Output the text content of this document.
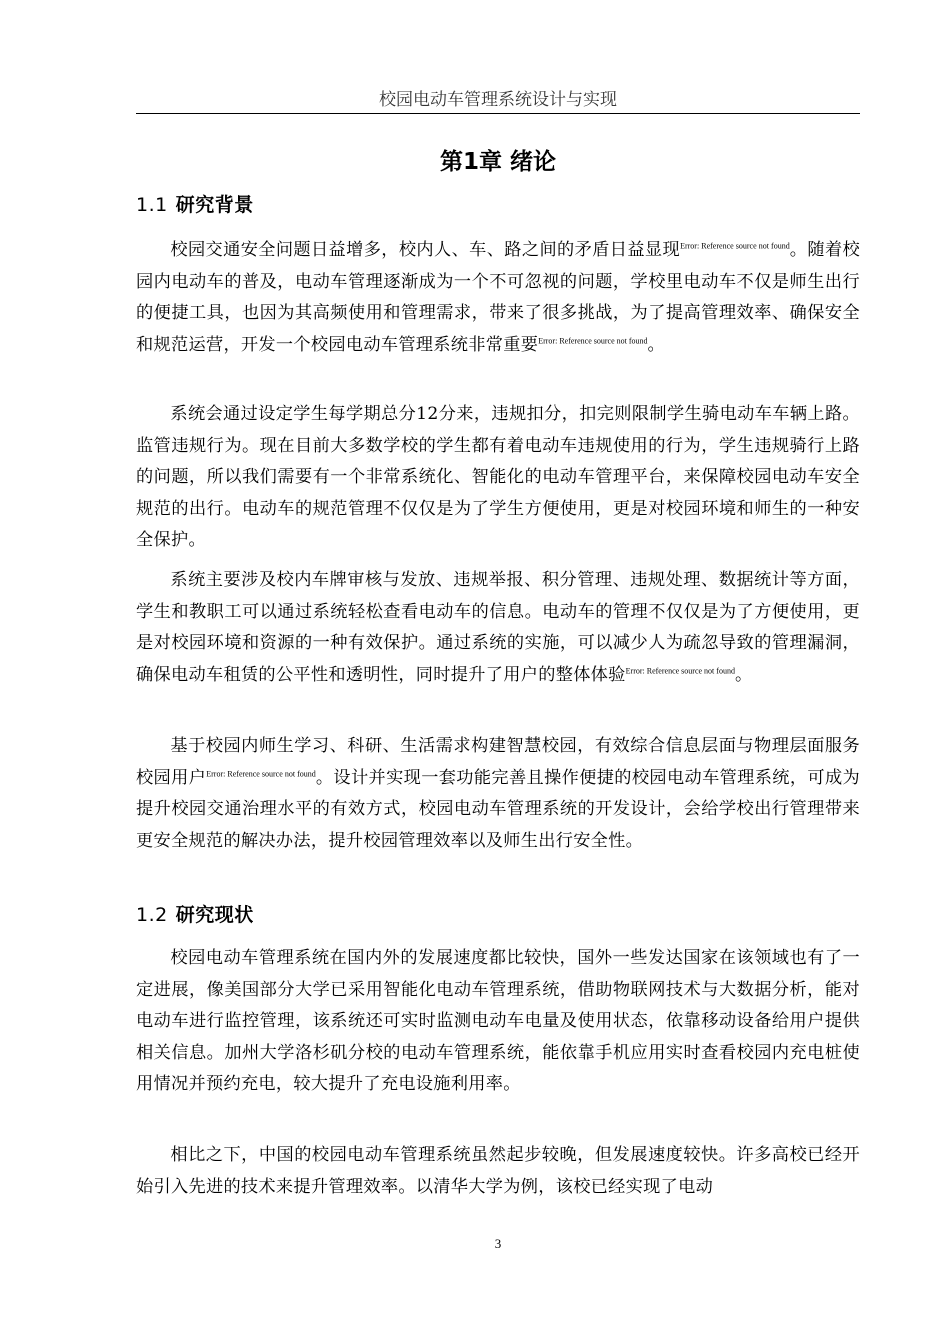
校园电动车管理系统设计与实现
第1章 绪论
1.1 研究背景

校园交通安全问题日益增多，校内人、车、路之间的矛盾日益显现$^{Error: Reference source not found}$。随着校园内电动车的普及，电动车管理逐渐成为一个不可忽视的问题，学校里电动车不仅是师生出行的便捷工具，也因为其高频使用和管理需求，带来了很多挑战，为了提高管理效率、确保安全和规范运营，开发一个校园电动车管理系统非常重要$^{Error: Reference source not found}$。

系统会通过设定学生每学期总分12分来，违规扣分，扣完则限制学生骑电动车车辆上路。监管违规行为。现在目前大多数学校的学生都有着电动车违规使用的行为，学生违规骑行上路的问题，所以我们需要有一个非常系统化、智能化的电动车管理平台，来保障校园电动车安全规范的出行。电动车的规范管理不仅仅是为了学生方便使用，更是对校园环境和师生的一种安全保护。

系统主要涉及校内车牌审核与发放、违规举报、积分管理、违规处理、数据统计等方面，学生和教职工可以通过系统轻松查看电动车的信息。电动车的管理不仅仅是为了方便使用，更是对校园环境和资源的一种有效保护。通过系统的实施，可以减少人为疏忽导致的管理漏洞，确保电动车租赁的公平性和透明性，同时提升了用户的整体体验$^{Error: Reference source not found}$。

基于校园内师生学习、科研、生活需求构建智慧校园，有效综合信息层面与物理层面服务校园用户$^{Error: Reference source not found}$。设计并实现一套功能完善且操作便捷的校园电动车管理系统，可成为提升校园交通治理水平的有效方式，校园电动车管理系统的开发设计，会给学校出行管理带来更安全规范的解决办法，提升校园管理效率以及师生出行安全性。

1.2 研究现状

校园电动车管理系统在国内外的发展速度都比较快，国外一些发达国家在该领域也有了一定进展，像美国部分大学已采用智能化电动车管理系统，借助物联网技术与大数据分析，能对电动车进行监控管理，该系统还可实时监测电动车电量及使用状态，依靠移动设备给用户提供相关信息。加州大学洛杉矶分校的电动车管理系统，能依靠手机应用实时查看校园内充电桩使用情况并预约充电，较大提升了充电设施利用率。

相比之下，中国的校园电动车管理系统虽然起步较晚，但发展速度较快。许多高校已经开始引入先进的技术来提升管理效率。以清华大学为例，该校已经实现了电动

3
